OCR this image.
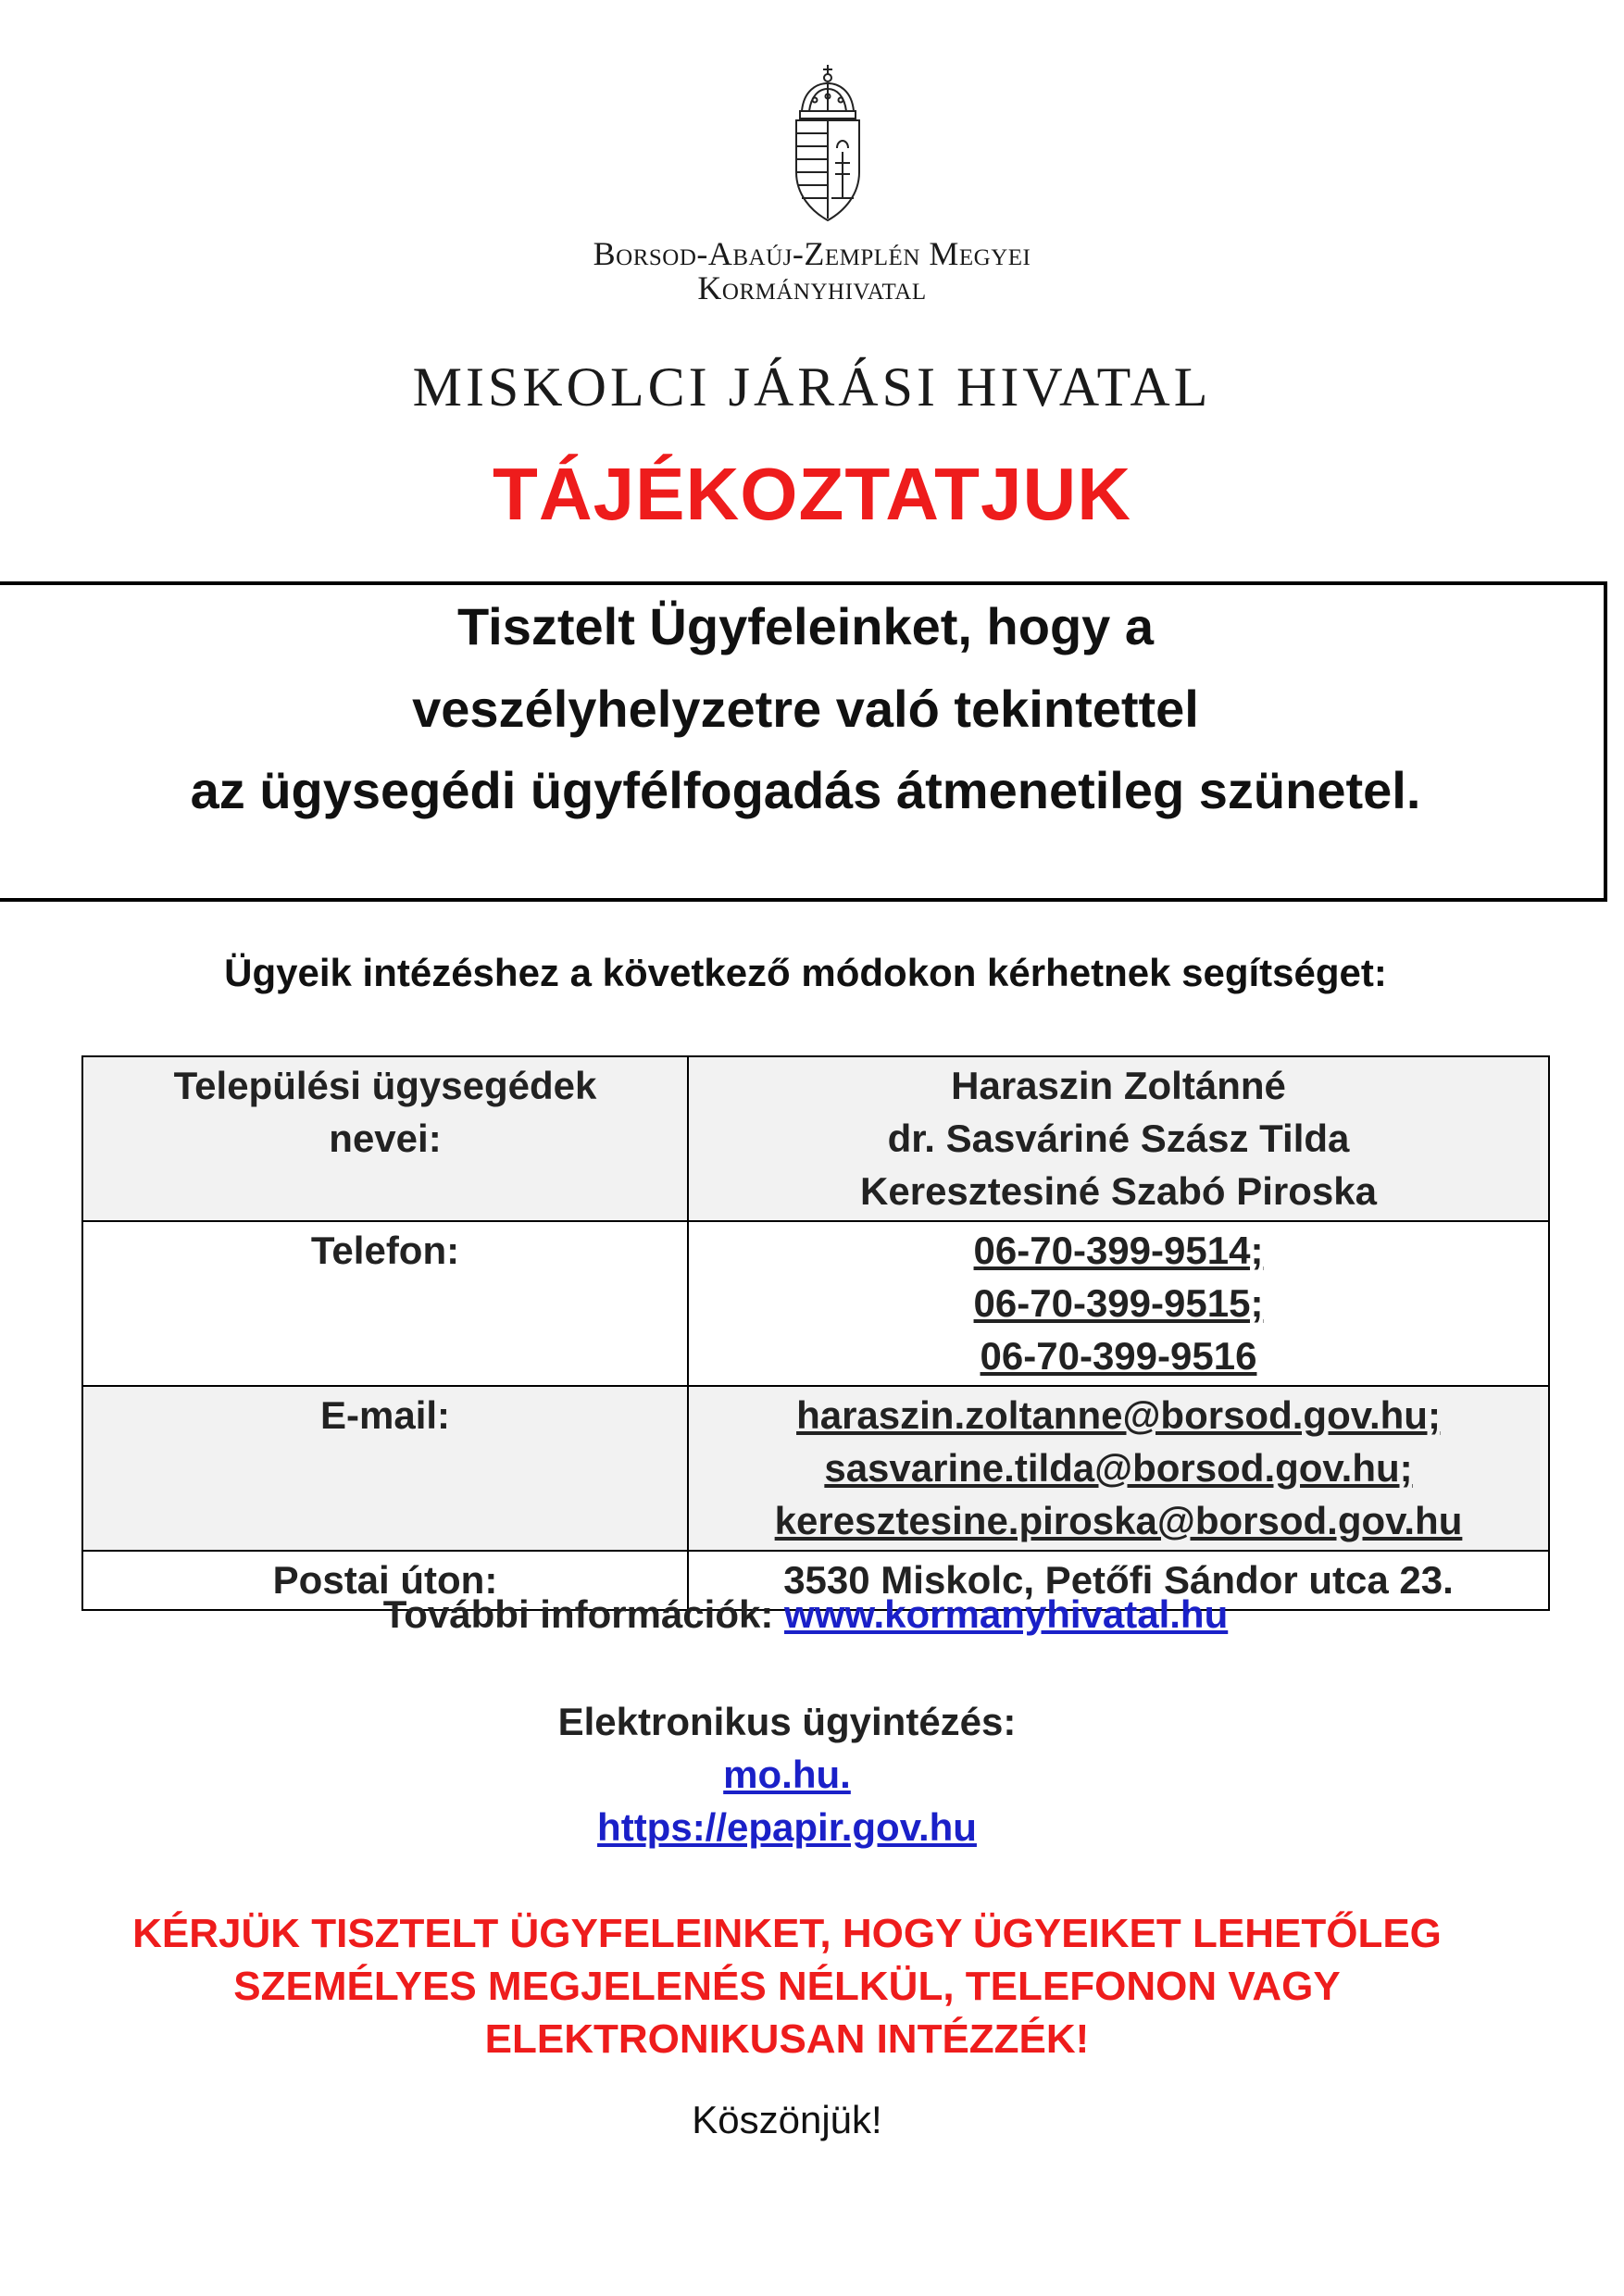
Borsod-Abaúj-Zemplén Megyei
Kormányhivatal
MISKOLCI JÁRÁSI HIVATAL
TÁJÉKOZTATJUK
Tisztelt Ügyfeleinket, hogy a
veszélyhelyzetre való tekintettel
az ügysegédi ügyfélfogadás átmenetileg szünetel.
Ügyeik intézéshez a következő módokon kérhetnek segítséget:
Települési ügysegédek
nevei:	Haraszin Zoltánné
dr. Sasváriné Szász Tilda
Keresztesiné Szabó Piroska

Telefon:	06-70-399-9514;
06-70-399-9515;
06-70-399-9516

E-mail:	haraszin.zoltanne@borsod.gov.hu;
sasvarine.tilda@borsod.gov.hu;
keresztesine.piroska@borsod.gov.hu

Postai úton:	3530 Miskolc, Petőfi Sándor utca 23.
További információk: www.kormanyhivatal.hu
Elektronikus ügyintézés:
mo.hu.
https://epapir.gov.hu
KÉRJÜK TISZTELT ÜGYFELEINKET, HOGY ÜGYEIKET LEHETŐLEG
SZEMÉLYES MEGJELENÉS NÉLKÜL, TELEFONON VAGY
ELEKTRONIKUSAN INTÉZZÉK!
Köszönjük!
